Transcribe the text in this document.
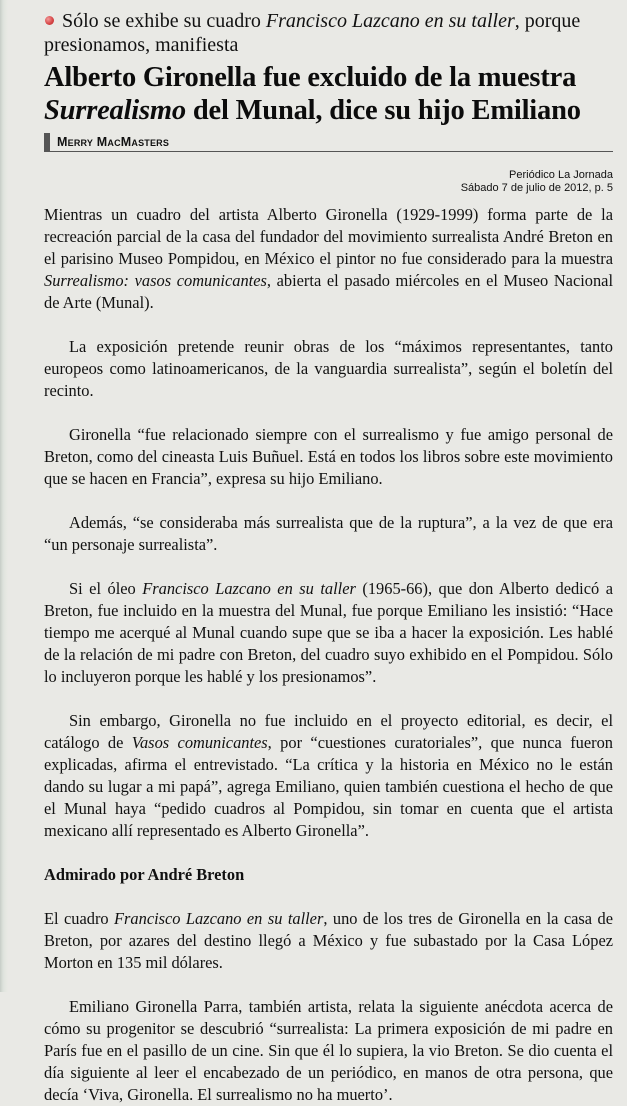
Sólo se exhibe su cuadro Francisco Lazcano en su taller, porque presionamos, manifiesta
Alberto Gironella fue excluido de la muestra
Surrealismo del Munal, dice su hijo Emiliano
Merry MacMasters
Periódico La Jornada
Sábado 7 de julio de 2012, p. 5

Mientras un cuadro del artista Alberto Gironella (1929-1999) forma parte de la recreación parcial de la casa del fundador del movimiento surrealista André Breton en el parisino Museo Pompidou, en México el pintor no fue considerado para la muestra Surrealismo: vasos comunicantes, abierta el pasado miércoles en el Museo Nacional de Arte (Munal).

La exposición pretende reunir obras de los “máximos representantes, tanto europeos como latinoamericanos, de la vanguardia surrealista”, según el boletín del recinto.

Gironella “fue relacionado siempre con el surrealismo y fue amigo personal de Breton, como del cineasta Luis Buñuel. Está en todos los libros sobre este movimiento que se hacen en Francia”, expresa su hijo Emiliano.

Además, “se consideraba más surrealista que de la ruptura”, a la vez de que era “un personaje surrealista”.

Si el óleo Francisco Lazcano en su taller (1965-66), que don Alberto dedicó a Breton, fue incluido en la muestra del Munal, fue porque Emiliano les insistió: “Hace tiempo me acerqué al Munal cuando supe que se iba a hacer la exposición. Les hablé de la relación de mi padre con Breton, del cuadro suyo exhibido en el Pompidou. Sólo lo incluyeron porque les hablé y los presionamos”.

Sin embargo, Gironella no fue incluido en el proyecto editorial, es decir, el catálogo de Vasos comunicantes, por “cuestiones curatoriales”, que nunca fueron explicadas, afirma el entrevistado. “La crítica y la historia en México no le están dando su lugar a mi papá”, agrega Emiliano, quien también cuestiona el hecho de que el Munal haya “pedido cuadros al Pompidou, sin tomar en cuenta que el artista mexicano allí representado es Alberto Gironella”.

Admirado por André Breton

El cuadro Francisco Lazcano en su taller, uno de los tres de Gironella en la casa de Breton, por azares del destino llegó a México y fue subastado por la Casa López Morton en 135 mil dólares.

Emiliano Gironella Parra, también artista, relata la siguiente anécdota acerca de cómo su progenitor se descubrió “surrealista: La primera exposición de mi padre en París fue en el pasillo de un cine. Sin que él lo supiera, la vio Breton. Se dio cuenta el día siguiente al leer el encabezado de un periódico, en manos de otra persona, que decía ‘Viva, Gironella. El surrealismo no ha muerto’.
